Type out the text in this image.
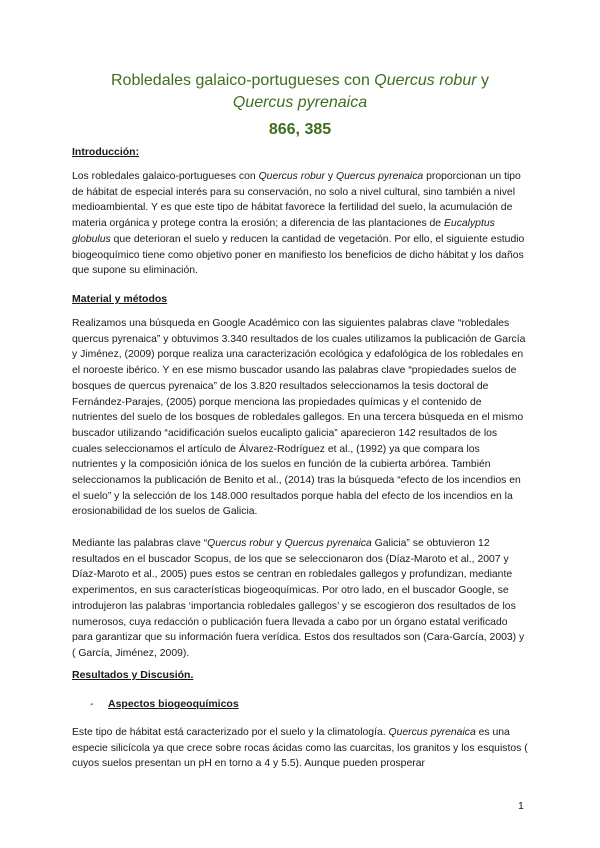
Robledales galaico-portugueses con Quercus robur y
Quercus pyrenaica
866, 385
Introducción:
Los robledales galaico-portugueses con Quercus robur y Quercus pyrenaica proporcionan un tipo de hábitat de especial interés para su conservación, no solo a nivel cultural, sino también a nivel medioambiental. Y es que este tipo de hábitat favorece la fertilidad del suelo, la acumulación de materia orgánica y protege contra la erosión; a diferencia de las plantaciones de Eucalyptus globulus que deterioran el suelo y reducen la cantidad de vegetación. Por ello, el siguiente estudio biogeoquímico tiene como objetivo poner en manifiesto los beneficios de dicho hábitat y los daños que supone su eliminación.
Material y métodos
Realizamos una búsqueda en Google Académico con las siguientes palabras clave “robledales quercus pyrenaica” y obtuvimos 3.340 resultados de los cuales utilizamos la publicación de García y Jiménez, (2009) porque realiza una caracterización ecológica y edafológica de los robledales en el noroeste ibérico. Y en ese mismo buscador usando las palabras clave “propiedades suelos de bosques de quercus pyrenaica” de los 3.820 resultados seleccionamos la tesis doctoral de Fernández-Parajes, (2005) porque menciona las propiedades químicas y el contenido de nutrientes del suelo de los bosques de robledales gallegos. En una tercera búsqueda en el mismo buscador utilizando “acidificación suelos eucalipto galicia” aparecieron 142 resultados de los cuales seleccionamos el artículo de Álvarez-Rodríguez et al., (1992) ya que compara los nutrientes y la composición iónica de los suelos en función de la cubierta arbórea. También seleccionamos la publicación de Benito et al., (2014) tras la búsqueda “efecto de los incendios en el suelo” y la selección de los 148.000 resultados porque habla del efecto de los incendios en la erosionabilidad de los suelos de Galicia.
Mediante las palabras clave “Quercus robur y Quercus pyrenaica Galicia” se obtuvieron 12 resultados en el buscador Scopus, de los que se seleccionaron dos (Díaz-Maroto et al., 2007 y Díaz-Maroto et al., 2005) pues estos se centran en robledales gallegos y profundizan, mediante experimentos, en sus características biogeoquímicas. Por otro lado, en el buscador Google, se introdujeron las palabras ‘importancia robledales gallegos’ y se escogieron dos resultados de los numerosos, cuya redacción o publicación fuera llevada a cabo por un órgano estatal verificado para garantizar que su información fuera verídica. Estos dos resultados son (Cara-García, 2003) y ( García, Jiménez, 2009).
Resultados y Discusión.
- Aspectos biogeoquímicos
Este tipo de hábitat está caracterizado por el suelo y la climatología. Quercus pyrenaica es una especie silicícola ya que crece sobre rocas ácidas como las cuarcitas, los granitos y los esquistos ( cuyos suelos presentan un pH en torno a 4 y 5.5). Aunque pueden prosperar
1
